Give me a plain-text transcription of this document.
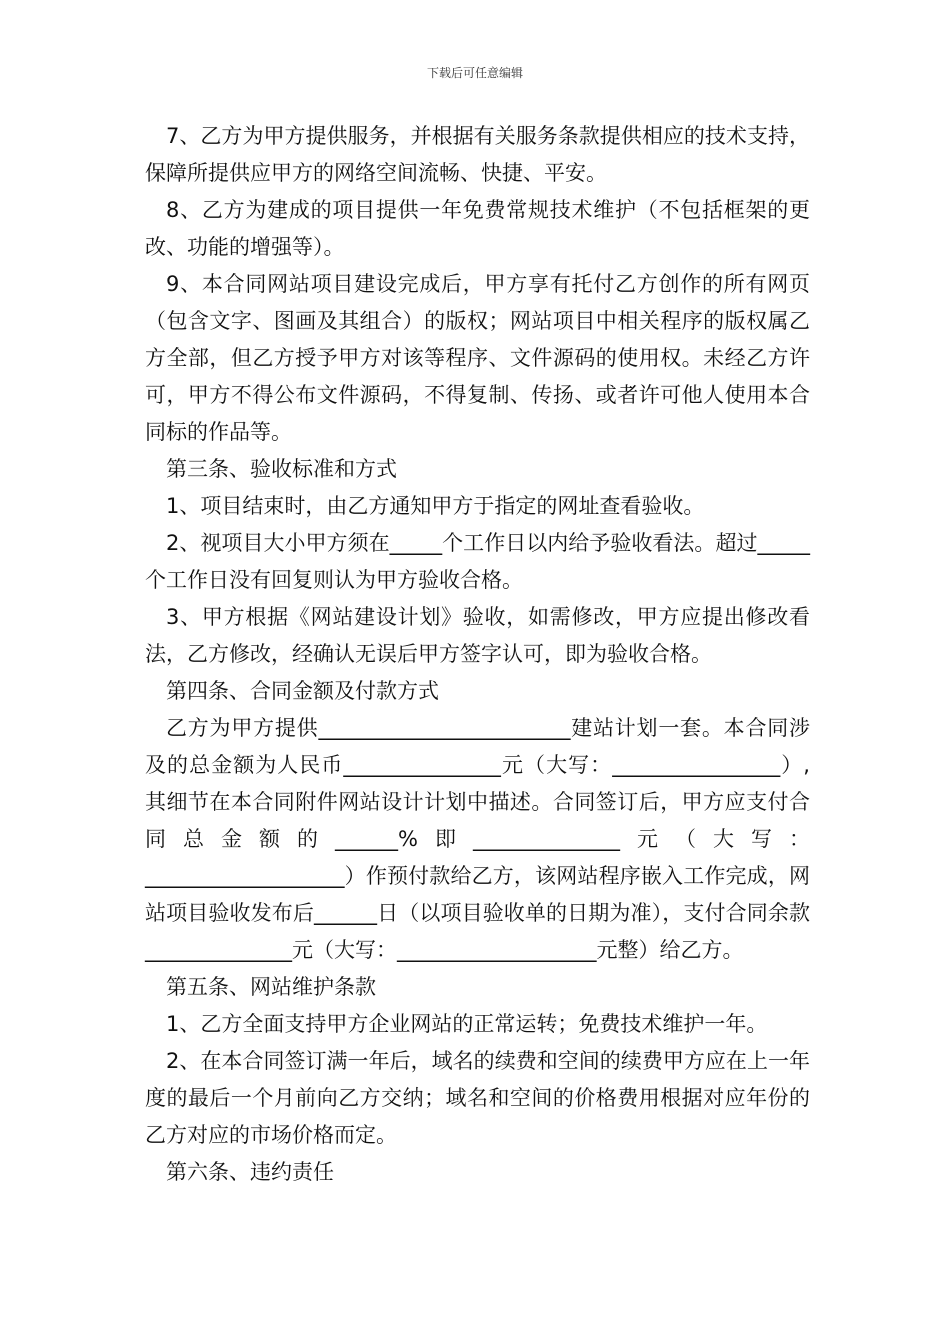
下载后可任意编辑

7、乙方为甲方提供服务，并根据有关服务条款提供相应的技术支持，保障所提供应甲方的网络空间流畅、快捷、平安。

8、乙方为建成的项目提供一年免费常规技术维护（不包括框架的更改、功能的增强等）。

9、本合同网站项目建设完成后，甲方享有托付乙方创作的所有网页（包含文字、图画及其组合）的版权；网站项目中相关程序的版权属乙方全部，但乙方授予甲方对该等程序、文件源码的使用权。未经乙方许可，甲方不得公布文件源码，不得复制、传扬、或者许可他人使用本合同标的作品等。

第三条、验收标准和方式

1、项目结束时，由乙方通知甲方于指定的网址查看验收。

2、视项目大小甲方须在_____个工作日以内给予验收看法。超过_____个工作日没有回复则认为甲方验收合格。

3、甲方根据《网站建设计划》验收，如需修改，甲方应提出修改看法，乙方修改，经确认无误后甲方签字认可，即为验收合格。

第四条、合同金额及付款方式

乙方为甲方提供________________________建站计划一套。本合同涉及的总金额为人民币_______________元（大写：________________）,其细节在本合同附件网站设计计划中描述。合同签订后，甲方应支付合同总金额的______%即______________元（大写：___________________）作预付款给乙方，该网站程序嵌入工作完成，网站项目验收发布后______日（以项目验收单的日期为准），支付合同余款______________元（大写：___________________元整）给乙方。

第五条、网站维护条款

1、乙方全面支持甲方企业网站的正常运转；免费技术维护一年。

2、在本合同签订满一年后，域名的续费和空间的续费甲方应在上一年度的最后一个月前向乙方交纳；域名和空间的价格费用根据对应年份的乙方对应的市场价格而定。

第六条、违约责任
